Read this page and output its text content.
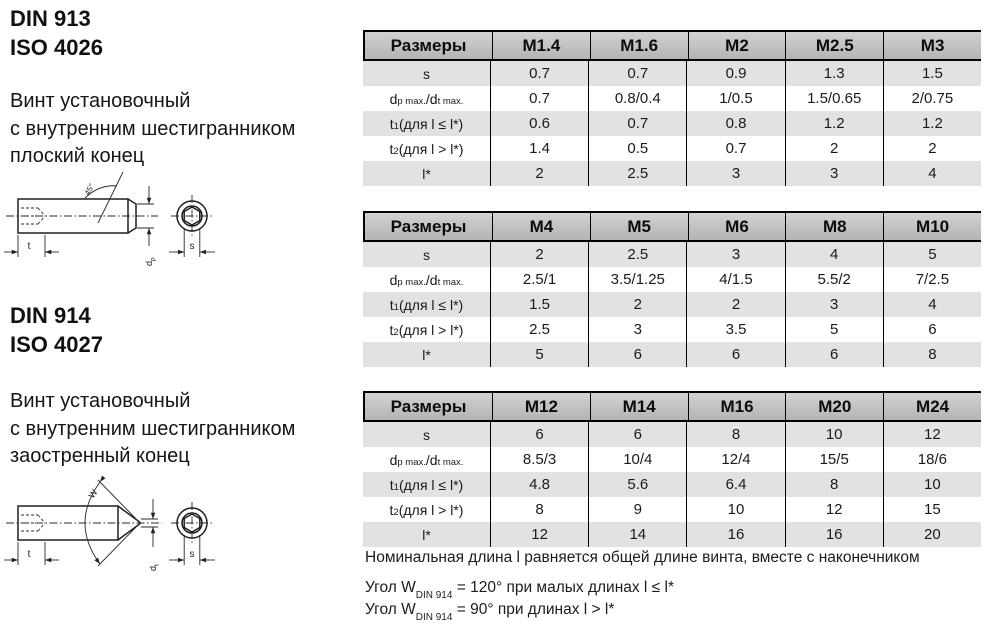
DIN 913
ISO 4026
Винт установочный
с внутренним шестигранником
плоский конец
45°
t
$d_p$
s
DIN 914
ISO 4027
Винт установочный
с внутренним шестигранником
заостренный конец
W
t
$d_t$
s
Размеры	M1.4	M1.6	M2	M2.5	M3
s	0.7	0.7	0.9	1.3	1.5
$d_{p max.}$ $/d_{t max.}$	0.7	0.8/0.4	1/0.5	1.5/0.65	2/0.75
$t_1$ (для l ≤ l*)	0.6	0.7	0.8	1.2	1.2
$t_2$ (для l > l*)	1.4	0.5	0.7	2	2
l*	2	2.5	3	3	4
Размеры	M4	M5	M6	M8	M10
s	2	2.5	3	4	5
$d_{p max.}$ $/d_{t max.}$	2.5/1	3.5/1.25	4/1.5	5.5/2	7/2.5
$t_1$ (для l ≤ l*)	1.5	2	2	3	4
$t_2$ (для l > l*)	2.5	3	3.5	5	6
l*	5	6	6	6	8
Размеры	M12	M14	M16	M20	M24
s	6	6	8	10	12
$d_{p max.}$ $/d_{t max.}$	8.5/3	10/4	12/4	15/5	18/6
$t_1$ (для l ≤ l*)	4.8	5.6	6.4	8	10
$t_2$ (для l > l*)	8	9	10	12	15
l*	12	14	16	16	20
Номинальная длина l равняется общей длине винта, вместе с наконечником
Угол $W_{DIN 914} = 120^\circ$ при малых длинах l ≤ l*
Угол $W_{DIN 914} = 90^\circ$ при длинах l > l*
